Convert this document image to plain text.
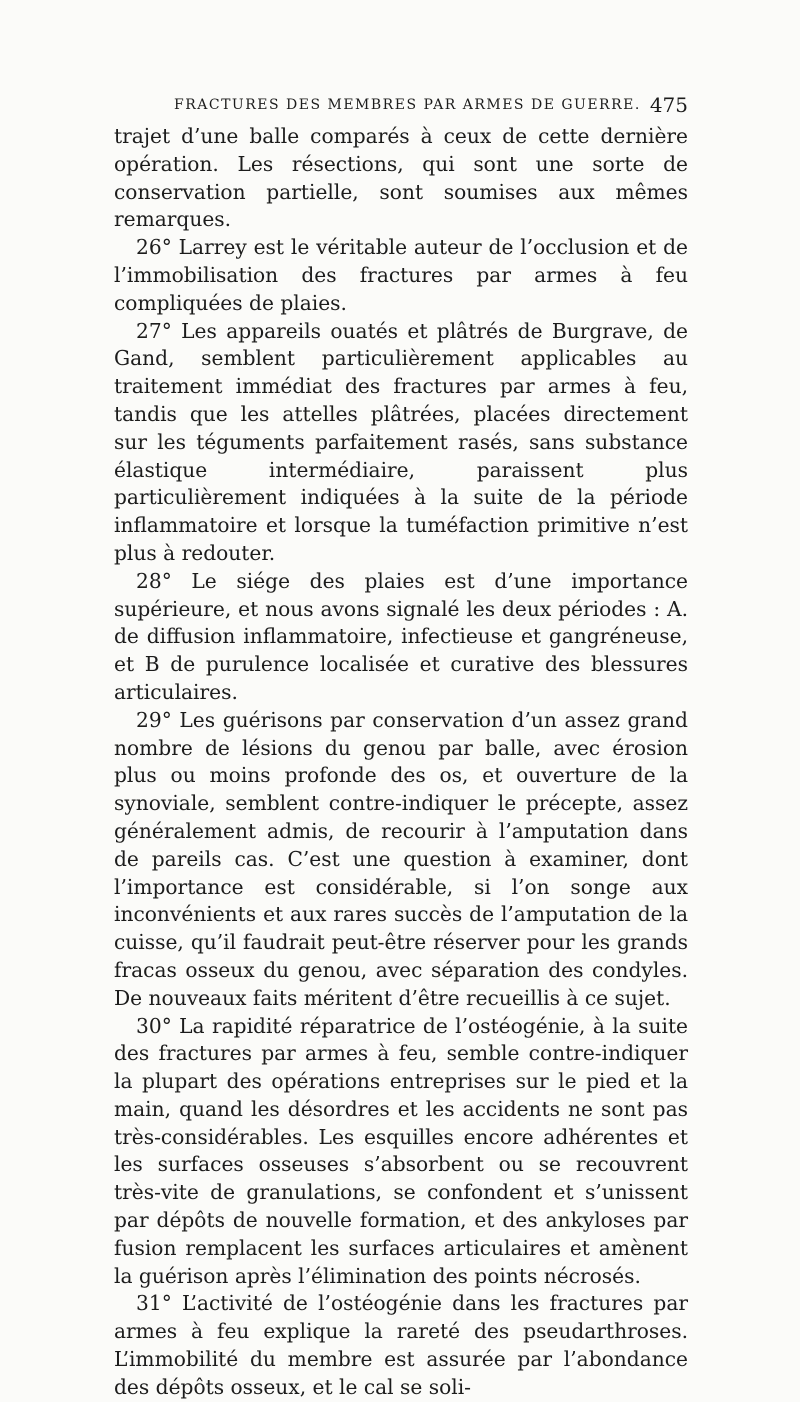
FRACTURES DES MEMBRES PAR ARMES DE GUERRE. 475

trajet d’une balle comparés à ceux de cette dernière opération. Les résections, qui sont une sorte de conservation partielle, sont soumises aux mêmes remarques.

26° Larrey est le véritable auteur de l’occlusion et de l’immobilisation des fractures par armes à feu compliquées de plaies.

27° Les appareils ouatés et plâtrés de Burgrave, de Gand, semblent particulièrement applicables au traitement immédiat des fractures par armes à feu, tandis que les attelles plâtrées, placées directement sur les téguments parfaitement rasés, sans substance élastique intermédiaire, paraissent plus particulièrement indiquées à la suite de la période inflammatoire et lorsque la tuméfaction primitive n’est plus à redouter.

28° Le siége des plaies est d’une importance supérieure, et nous avons signalé les deux périodes : A. de diffusion inflammatoire, infectieuse et gangréneuse, et B de purulence localisée et curative des blessures articulaires.

29° Les guérisons par conservation d’un assez grand nombre de lésions du genou par balle, avec érosion plus ou moins profonde des os, et ouverture de la synoviale, semblent contre-indiquer le précepte, assez généralement admis, de recourir à l’amputation dans de pareils cas. C’est une question à examiner, dont l’importance est considérable, si l’on songe aux inconvénients et aux rares succès de l’amputation de la cuisse, qu’il faudrait peut-être réserver pour les grands fracas osseux du genou, avec séparation des condyles. De nouveaux faits méritent d’être recueillis à ce sujet.

30° La rapidité réparatrice de l’ostéogénie, à la suite des fractures par armes à feu, semble contre-indiquer la plupart des opérations entreprises sur le pied et la main, quand les désordres et les accidents ne sont pas très-considérables. Les esquilles encore adhérentes et les surfaces osseuses s’absorbent ou se recouvrent très-vite de granulations, se confondent et s’unissent par dépôts de nouvelle formation, et des ankyloses par fusion remplacent les surfaces articulaires et amènent la guérison après l’élimination des points nécrosés.

31° L’activité de l’ostéogénie dans les fractures par armes à feu explique la rareté des pseudarthroses. L’immobilité du membre est assurée par l’abondance des dépôts osseux, et le cal se soli-
